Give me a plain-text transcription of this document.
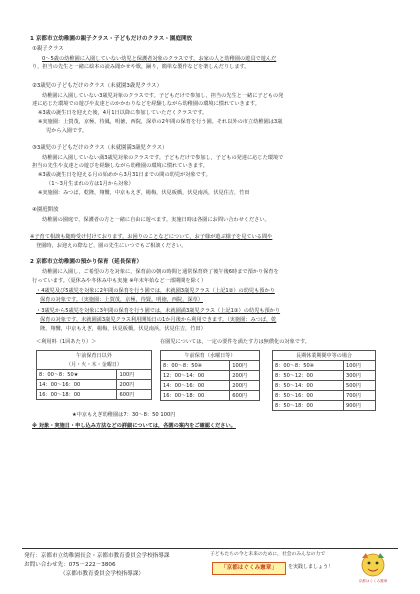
1 京都市立幼稚園の親子クラス・子どもだけのクラス・園庭開放
①親子クラス
0～5歳の幼稚園に入園していない幼児と保護者対象のクラスです。お家の人と幼稚園の遊具で遊んだ
り，担当の先生と一緒に絵本の読み聞かせや歌，踊り，簡単な製作などを楽しんだりします。
②3歳児の子どもだけのクラス（未就園3歳児クラス）
幼稚園に入園していない3歳児対象のクラスです。子どもだけで参加し，担当の先生と一緒に子どもの発
達に応じた環境での遊びや友達とのかかわりなどを経験しながら幼稚園の環境に慣れていきます。
※3歳の誕生日を迎えた後，4月1日以降に参加していただくクラスです。
※実施園：上賀茂，京極，待鳳，明徳，西院，深草の2年間の保育を行う園。それ以外の市立幼稚園は3歳
児から入園です。
③3歳児の子どもだけのクラス（未就園満3歳児クラス）
幼稚園に入園していない満3歳児対象のクラスです。子どもだけで参加し，子どもの発達に応じた環境で
担当の先生や友達との遊びを経験しながら幼稚園の環境に慣れていきます。
※3歳の誕生日を迎える月の始めから3月31日までの間の幼児が対象です。
（1～3月生まれの方は1月から対象）
※実施園：みつば，乾隆，翔鸞，中京もえぎ，楊梅，伏見板橋，伏見南浜，伏見住吉，竹田
④園庭開放
幼稚園の園庭で，保護者の方と一緒に自由に遊べます。実施日時は各園にお問い合わせください。
※子育て相談も随時受け付けております。お困りのことなどについて，お子様が遊ぶ様子を見ている間や
登園時，お迎えの際など，園の先生にいつでもご相談ください。
2 京都市立幼稚園の預かり保育（延長保育）
幼稚園に入園し，ご希望の方を対象に，保育前の朝の時間と通常保育終了後午後6時まで預かり保育を
行っています。（夏休みや冬休み中も実施 ※年末年始など一部期間を除く）
・4歳児及び5歳児を対象に2年間の保育を行う園では，未就園3歳児クラス（上記1②）の幼児も預かり
保育の対象です。（実施園：上賀茂，京極，待賢，明徳，西院，深草）
・3歳児から5歳児を対象に3年間の保育を行う園では，未就園満3歳児クラス（上記1③）の幼児も預かり
保育の対象です。未就園満3歳児クラス利用開始日の1か月後から利用できます。（実施園：みつば，乾
隆，翔鸞，中京もえぎ，楊梅，伏見板橋，伏見南浜，伏見住吉，竹田）
＜利用料（1回あたり）＞	在園児については，一定の要件を満たす方は無償化の対象です。
午前保育日以外	
（月・火・木・金曜日）	
8：00～8：50★	100円
14：00～16：00	200円
16：00～18：00	600円
午前保育（水曜日等）	
8：00～8：50※	100円
12：00～14：00	200円
14：00～16：00	200円
16：00～18：00	600円
長期休業期間中等の場合	
8：00～8：50※	100円
8：50～12：00	300円
8：50～14：00	500円
8：50～16：00	700円
8：50～18：00	900円
★中京もえぎ幼稚園は7：30～8：50 100円
※ 対象・実施日・申し込み方法などの詳細については，各園の案内をご確認ください。
発行：京都市立幼稚園長会・京都市教育委員会学校指導課
お問い合わせ先：075－222－3806
（京都市教育委員会学校指導課）
子どもたちの今と未来のために，社会のみんなの力で
「京都はぐくみ憲章」	を実践しましょう！
京都はぐくみ憲章
